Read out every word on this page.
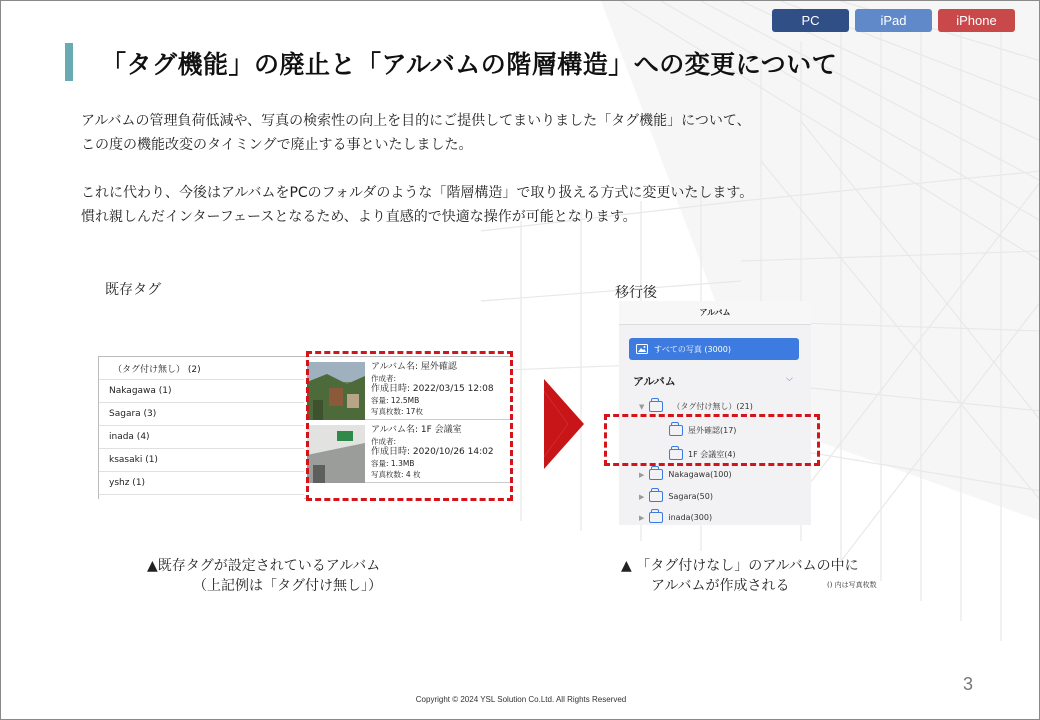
PC	iPad	iPhone
「タグ機能」の廃止と「アルバムの階層構造」への変更について
アルバムの管理負荷低減や、写真の検索性の向上を目的にご提供してまいりました「タグ機能」について、
この度の機能改変のタイミングで廃止する事といたしました。
これに代わり、今後はアルバムをPCのフォルダのような「階層構造」で取り扱える方式に変更いたします。
慣れ親しんだインターフェースとなるため、より直感的で快適な操作が可能となります。
既存タグ	移行後
（タグ付け無し） (2)
Nakagawa (1)
Sagara (3)
inada (4)
ksasaki (1)
yshz (1)
アルバム名: 屋外確認
作成者:
作成日時: 2022/03/15 12:08
容量: 12.5MB
写真枚数: 17枚
アルバム名: 1F 会議室
作成者:
作成日時: 2020/10/26 14:02
容量: 1.3MB
写真枚数: 4 枚
アルバム
すべての写真 (3000)
アルバム	⌵
▼	（タグ付け無し）(21)
屋外確認(17)
1F 会議室(4)
▶	Nakagawa(100)
▶	Sagara(50)
▶	inada(300)
▲既存タグが設定されているアルバム
（上記例は「タグ付け無し」）
▲ 「タグ付けなし」のアルバムの中に
アルバムが作成される	() 内は写真枚数
3
Copyright © 2024 YSL Solution Co.Ltd. All Rights Reserved
